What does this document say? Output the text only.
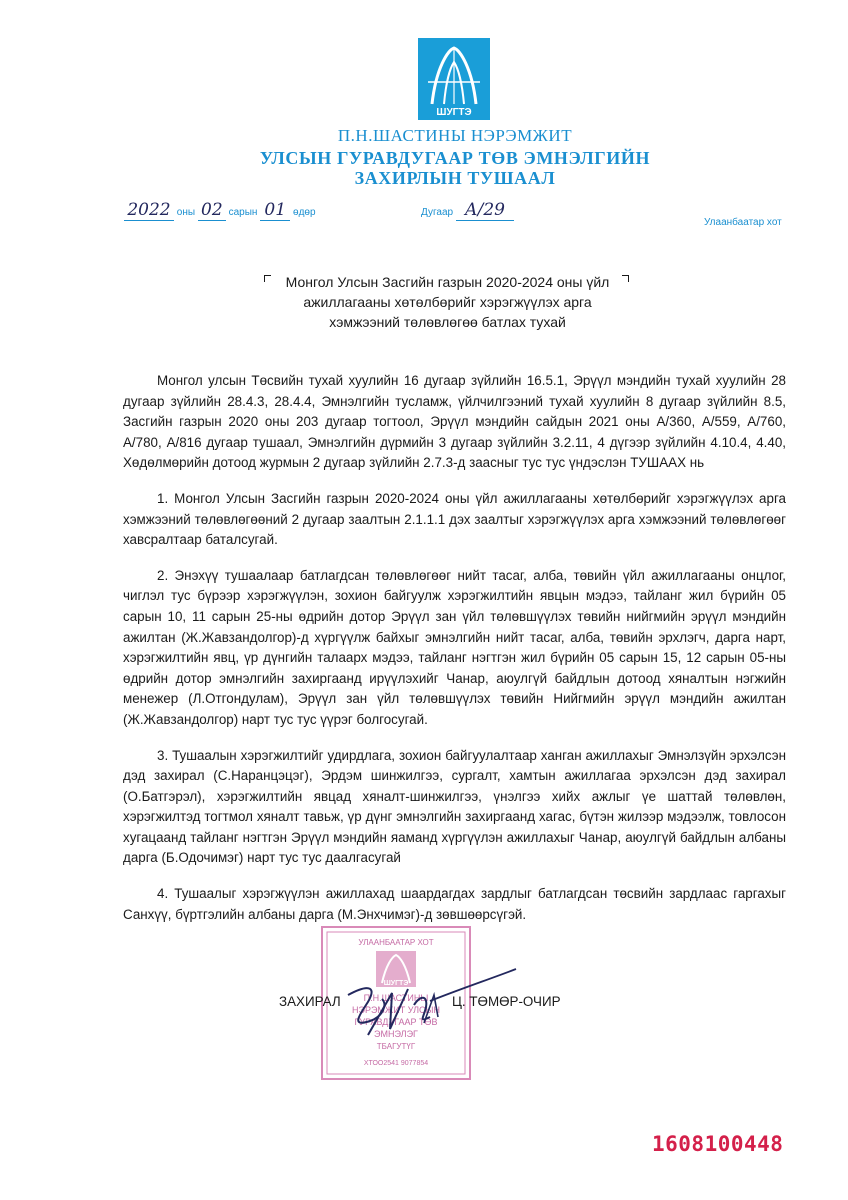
ШУГТЭ
П.Н.ШАСТИНЫ НЭРЭМЖИТ
УЛСЫН ГУРАВДУГААР ТӨВ ЭМНЭЛГИЙН
ЗАХИРЛЫН ТУШААЛ
2022 оны 02 сарын 01 өдөр	Дугаар А/29
Улаанбаатар хот
Монгол Улсын Засгийн газрын 2020-2024 оны үйл
ажиллагааны хөтөлбөрийг хэрэгжүүлэх арга
хэмжээний төлөвлөгөө батлах тухай

Монгол улсын Төсвийн тухай хуулийн 16 дугаар зүйлийн 16.5.1, Эрүүл мэндийн тухай хуулийн 28 дугаар зүйлийн 28.4.3, 28.4.4, Эмнэлгийн тусламж, үйлчилгээний тухай хуулийн 8 дугаар зүйлийн 8.5, Засгийн газрын 2020 оны 203 дугаар тогтоол, Эрүүл мэндийн сайдын 2021 оны А/360, А/559, А/760, А/780, А/816 дугаар тушаал, Эмнэлгийн дүрмийн 3 дугаар зүйлийн 3.2.11, 4 дүгээр зүйлийн 4.10.4, 4.40, Хөдөлмөрийн дотоод журмын 2 дугаар зүйлийн 2.7.3-д заасныг тус тус үндэслэн ТУШААХ нь

1. Монгол Улсын Засгийн газрын 2020-2024 оны үйл ажиллагааны хөтөлбөрийг хэрэгжүүлэх арга хэмжээний төлөвлөгөөний 2 дугаар заалтын 2.1.1.1 дэх заалтыг хэрэгжүүлэх арга хэмжээний төлөвлөгөөг хавсралтаар баталсугай.

2. Энэхүү тушаалаар батлагдсан төлөвлөгөөг нийт тасаг, алба, төвийн үйл ажиллагааны онцлог, чиглэл тус бүрээр хэрэгжүүлэн, зохион байгуулж хэрэгжилтийн явцын мэдээ, тайланг жил бүрийн 05 сарын 10, 11 сарын 25-ны өдрийн дотор Эрүүл зан үйл төлөвшүүлэх төвийн нийгмийн эрүүл мэндийн ажилтан (Ж.Жавзандолгор)-д хүргүүлж байхыг эмнэлгийн нийт тасаг, алба, төвийн эрхлэгч, дарга нарт, хэрэгжилтийн явц, үр дүнгийн талаарх мэдээ, тайланг нэгтгэн жил бүрийн 05 сарын 15, 12 сарын 05-ны өдрийн дотор эмнэлгийн захиргаанд ирүүлэхийг Чанар, аюулгүй байдлын дотоод хяналтын нэгжийн менежер (Л.Отгондулам), Эрүүл зан үйл төлөвшүүлэх төвийн Нийгмийн эрүүл мэндийн ажилтан (Ж.Жавзандолгор) нарт тус тус үүрэг болгосугай.

3. Тушаалын хэрэгжилтийг удирдлага, зохион байгуулалтаар ханган ажиллахыг Эмнэлзүйн эрхэлсэн дэд захирал (С.Наранцэцэг), Эрдэм шинжилгээ, сургалт, хамтын ажиллагаа эрхэлсэн дэд захирал (О.Батгэрэл), хэрэгжилтийн явцад хяналт-шинжилгээ, үнэлгээ хийх ажлыг үе шаттай төлөвлөн, хэрэгжилтэд тогтмол хяналт тавьж, үр дүнг эмнэлгийн захиргаанд хагас, бүтэн жилээр мэдээлж, товлосон хугацаанд тайланг нэгтгэн Эрүүл мэндийн яаманд хүргүүлэн ажиллахыг Чанар, аюулгүй байдлын албаны дарга (Б.Одочимэг) нарт тус тус даалгасугай

4. Тушаалыг хэрэгжүүлэн ажиллахад шаардагдах зардлыг батлагдсан төсвийн зардлаас гаргахыг Санхүү, бүртгэлийн албаны дарга (М.Энхчимэг)-д зөвшөөрсүгэй.

УЛААНБААТАР ХОТ
ШУГТЭ
П.Н.ШАСТИНЫ
НЭРЭМЖИТ УЛСЫН
ГУРАВДУГААР ТӨВ
ЭМНЭЛЭГ
ТБАГУТҮГ
ХТОО2541 9077854
ЗАХИРАЛ	Ц. ТӨМӨР-ОЧИР
1608100448
